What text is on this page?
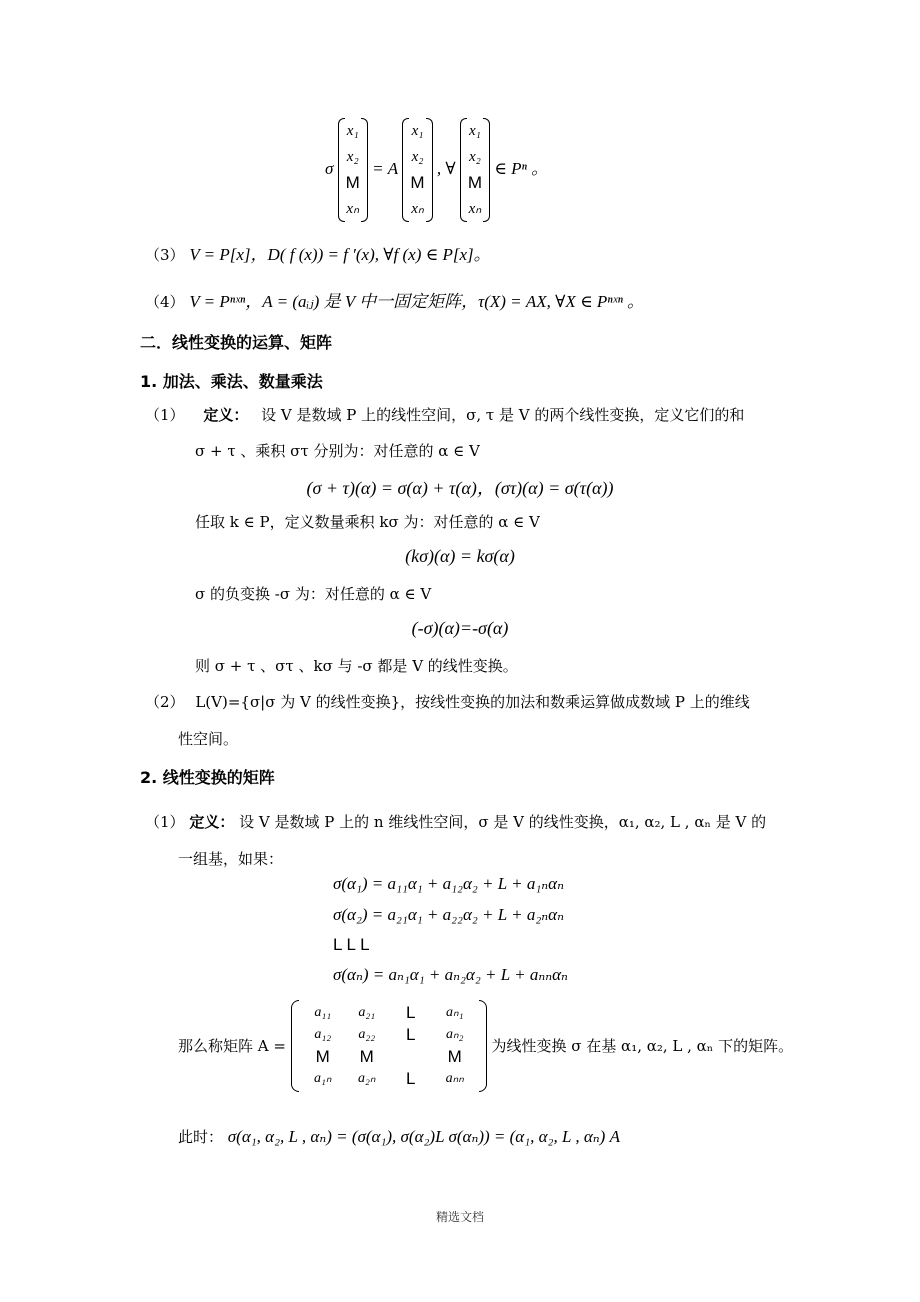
σ
x₁
x₂
M
xₙ
= A
x₁
x₂
M
xₙ
, ∀
x₁
x₂
M
xₙ
∈ Pⁿ 。
（3） V = P[x]，D( f (x)) = f ′(x), ∀f (x) ∈ P[x]。
（4） V = Pⁿˣⁿ，A = (aᵢⱼ) 是 V 中一固定矩阵，τ(X) = AX, ∀X ∈ Pⁿˣⁿ 。
二．线性变换的运算、矩阵
1. 加法、乘法、数量乘法
（1） 定义： 设 V 是数域 P 上的线性空间，σ, τ 是 V 的两个线性变换，定义它们的和
σ + τ 、乘积 στ 分别为：对任意的 α ∈ V
(σ + τ)(α) = σ(α) + τ(α)，(στ)(α) = σ(τ(α))
任取 k ∈ P，定义数量乘积 kσ 为：对任意的 α ∈ V
(kσ)(α) = kσ(α)
σ 的负变换 -σ 为：对任意的 α ∈ V
(-σ)(α)=-σ(α)
则 σ + τ 、στ 、kσ 与 -σ 都是 V 的线性变换。
（2） L(V)={σ|σ 为 V 的线性变换}，按线性变换的加法和数乘运算做成数域 P 上的维线
性空间。
2. 线性变换的矩阵
（1） 定义： 设 V 是数域 P 上的 n 维线性空间，σ 是 V 的线性变换，α₁, α₂, L , αₙ 是 V 的
一组基，如果：
σ(α₁) = a₁₁α₁ + a₁₂α₂ + L + a₁ₙαₙ
σ(α₂) = a₂₁α₁ + a₂₂α₂ + L + a₂ₙαₙ
L L L
σ(αₙ) = aₙ₁α₁ + aₙ₂α₂ + L + aₙₙαₙ
那么称矩阵 A =
a₁₁	a₂₁	L	aₙ₁
a₁₂	a₂₂	L	aₙ₂
M	M		M
a₁ₙ	a₂ₙ	L	aₙₙ
为线性变换 σ 在基 α₁, α₂, L , αₙ 下的矩阵。
此时： σ(α₁, α₂, L , αₙ) = (σ(α₁), σ(α₂)L σ(αₙ)) = (α₁, α₂, L , αₙ) A
精选文档
